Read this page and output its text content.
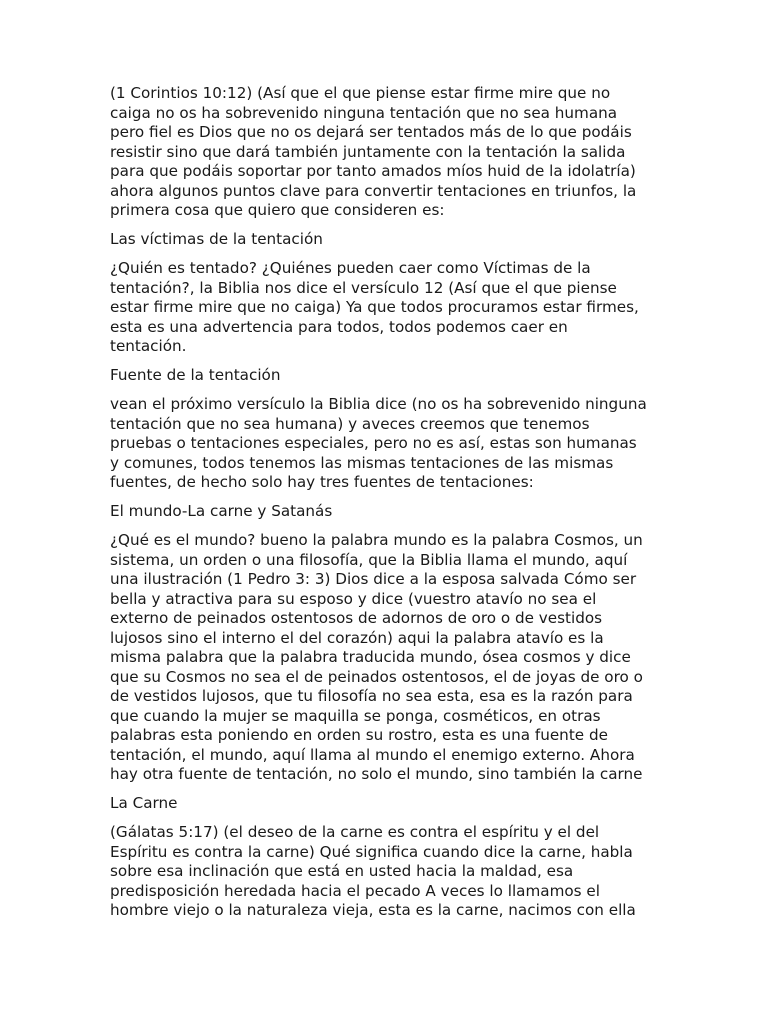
(1 Corintios 10:12) (Así que el que piense estar firme mire que no
caiga no os ha sobrevenido ninguna tentación que no sea humana
pero fiel es Dios que no os dejará ser tentados más de lo que podáis
resistir sino que dará también juntamente con la tentación la salida
para que podáis soportar por tanto amados míos huid de la idolatría)
ahora algunos puntos clave para convertir tentaciones en triunfos, la
primera cosa que quiero que consideren es:

Las víctimas de la tentación

¿Quién es tentado? ¿Quiénes pueden caer como Víctimas de la
tentación?, la Biblia nos dice el versículo 12 (Así que el que piense
estar firme mire que no caiga) Ya que todos procuramos estar firmes,
esta es una advertencia para todos, todos podemos caer en
tentación.

Fuente de la tentación

vean el próximo versículo la Biblia dice (no os ha sobrevenido ninguna
tentación que no sea humana) y aveces creemos que tenemos
pruebas o tentaciones especiales, pero no es así, estas son humanas
y comunes, todos tenemos las mismas tentaciones de las mismas
fuentes, de hecho solo hay tres fuentes de tentaciones:

El mundo-La carne y Satanás

¿Qué es el mundo? bueno la palabra mundo es la palabra Cosmos, un
sistema, un orden o una filosofía, que la Biblia llama el mundo, aquí
una ilustración (1 Pedro 3: 3) Dios dice a la esposa salvada Cómo ser
bella y atractiva para su esposo y dice (vuestro atavío no sea el
externo de peinados ostentosos de adornos de oro o de vestidos
lujosos sino el interno el del corazón) aqui la palabra atavío es la
misma palabra que la palabra traducida mundo, ósea cosmos y dice
que su Cosmos no sea el de peinados ostentosos, el de joyas de oro o
de vestidos lujosos, que tu filosofía no sea esta, esa es la razón para
que cuando la mujer se maquilla se ponga, cosméticos, en otras
palabras esta poniendo en orden su rostro, esta es una fuente de
tentación, el mundo, aquí llama al mundo el enemigo externo. Ahora
hay otra fuente de tentación, no solo el mundo, sino también la carne

La Carne

(Gálatas 5:17) (el deseo de la carne es contra el espíritu y el del
Espíritu es contra la carne) Qué significa cuando dice la carne, habla
sobre esa inclinación que está en usted hacia la maldad, esa
predisposición heredada hacia el pecado A veces lo llamamos el
hombre viejo o la naturaleza vieja, esta es la carne, nacimos con ella
